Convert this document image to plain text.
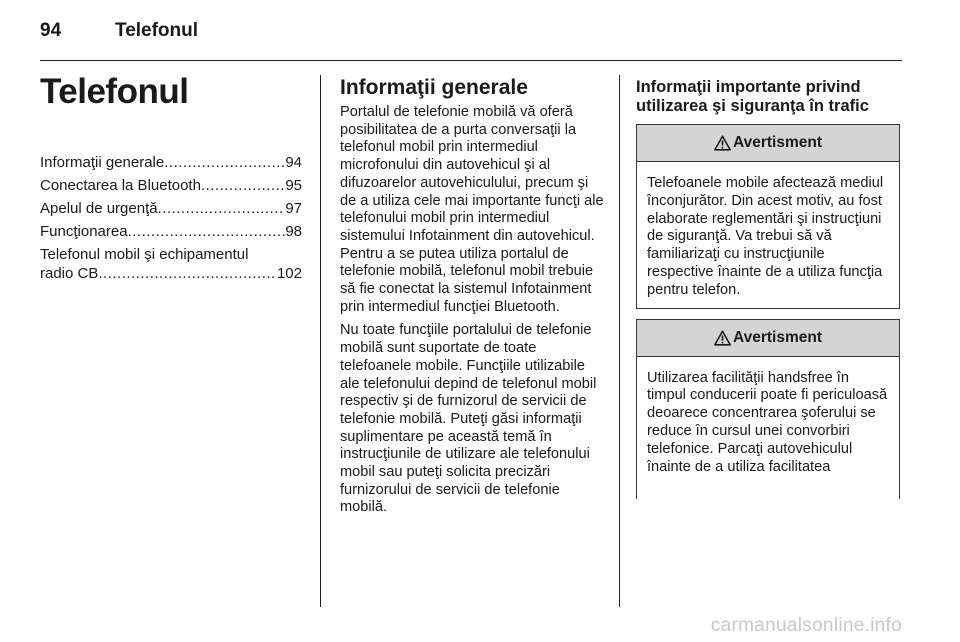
94	Telefonul
Telefonul
Informaţii generale .....	94
Conectarea la Bluetooth .....	95
Apelul de urgenţă .....	97
Funcţionarea .....	98
Telefonul mobil şi echipamentul
radio CB .....	102
Informaţii generale

Portalul de telefonie mobilă vă oferă posibilitatea de a purta conversaţii la telefonul mobil prin intermediul microfonului din autovehicul şi al difuzoarelor autovehiculului, precum şi de a utiliza cele mai importante funcţi ale telefonului mobil prin intermediul sistemului Infotainment din autovehicul. Pentru a se putea utiliza portalul de telefonie mobilă, telefonul mobil trebuie să fie conectat la sistemul Infotainment prin intermediul funcţiei Bluetooth.

Nu toate funcţiile portalului de telefonie mobilă sunt suportate de toate telefoanele mobile. Funcţiile utilizabile ale telefonului depind de telefonul mobil respectiv şi de furnizorul de servicii de telefonie mobilă. Puteţi găsi informaţii suplimentare pe această temă în instrucţiunile de utilizare ale telefonului mobil sau puteţi solicita precizări furnizorului de servicii de telefonie mobilă.

Informaţii importante privind utilizarea şi siguranţa în trafic
Avertisment
Telefoanele mobile afectează mediul înconjurător. Din acest motiv, au fost elaborate reglementări şi instrucţiuni de siguranţă. Va trebui să vă familiarizaţi cu instrucţiunile respective înainte de a utiliza funcţia pentru telefon.
Avertisment
Utilizarea facilităţii handsfree în timpul conducerii poate fi periculoasă deoarece concentrarea şoferului se reduce în cursul unei convorbiri telefonice. Parcaţi autovehiculul înainte de a utiliza facilitatea
carmanualsonline.info
